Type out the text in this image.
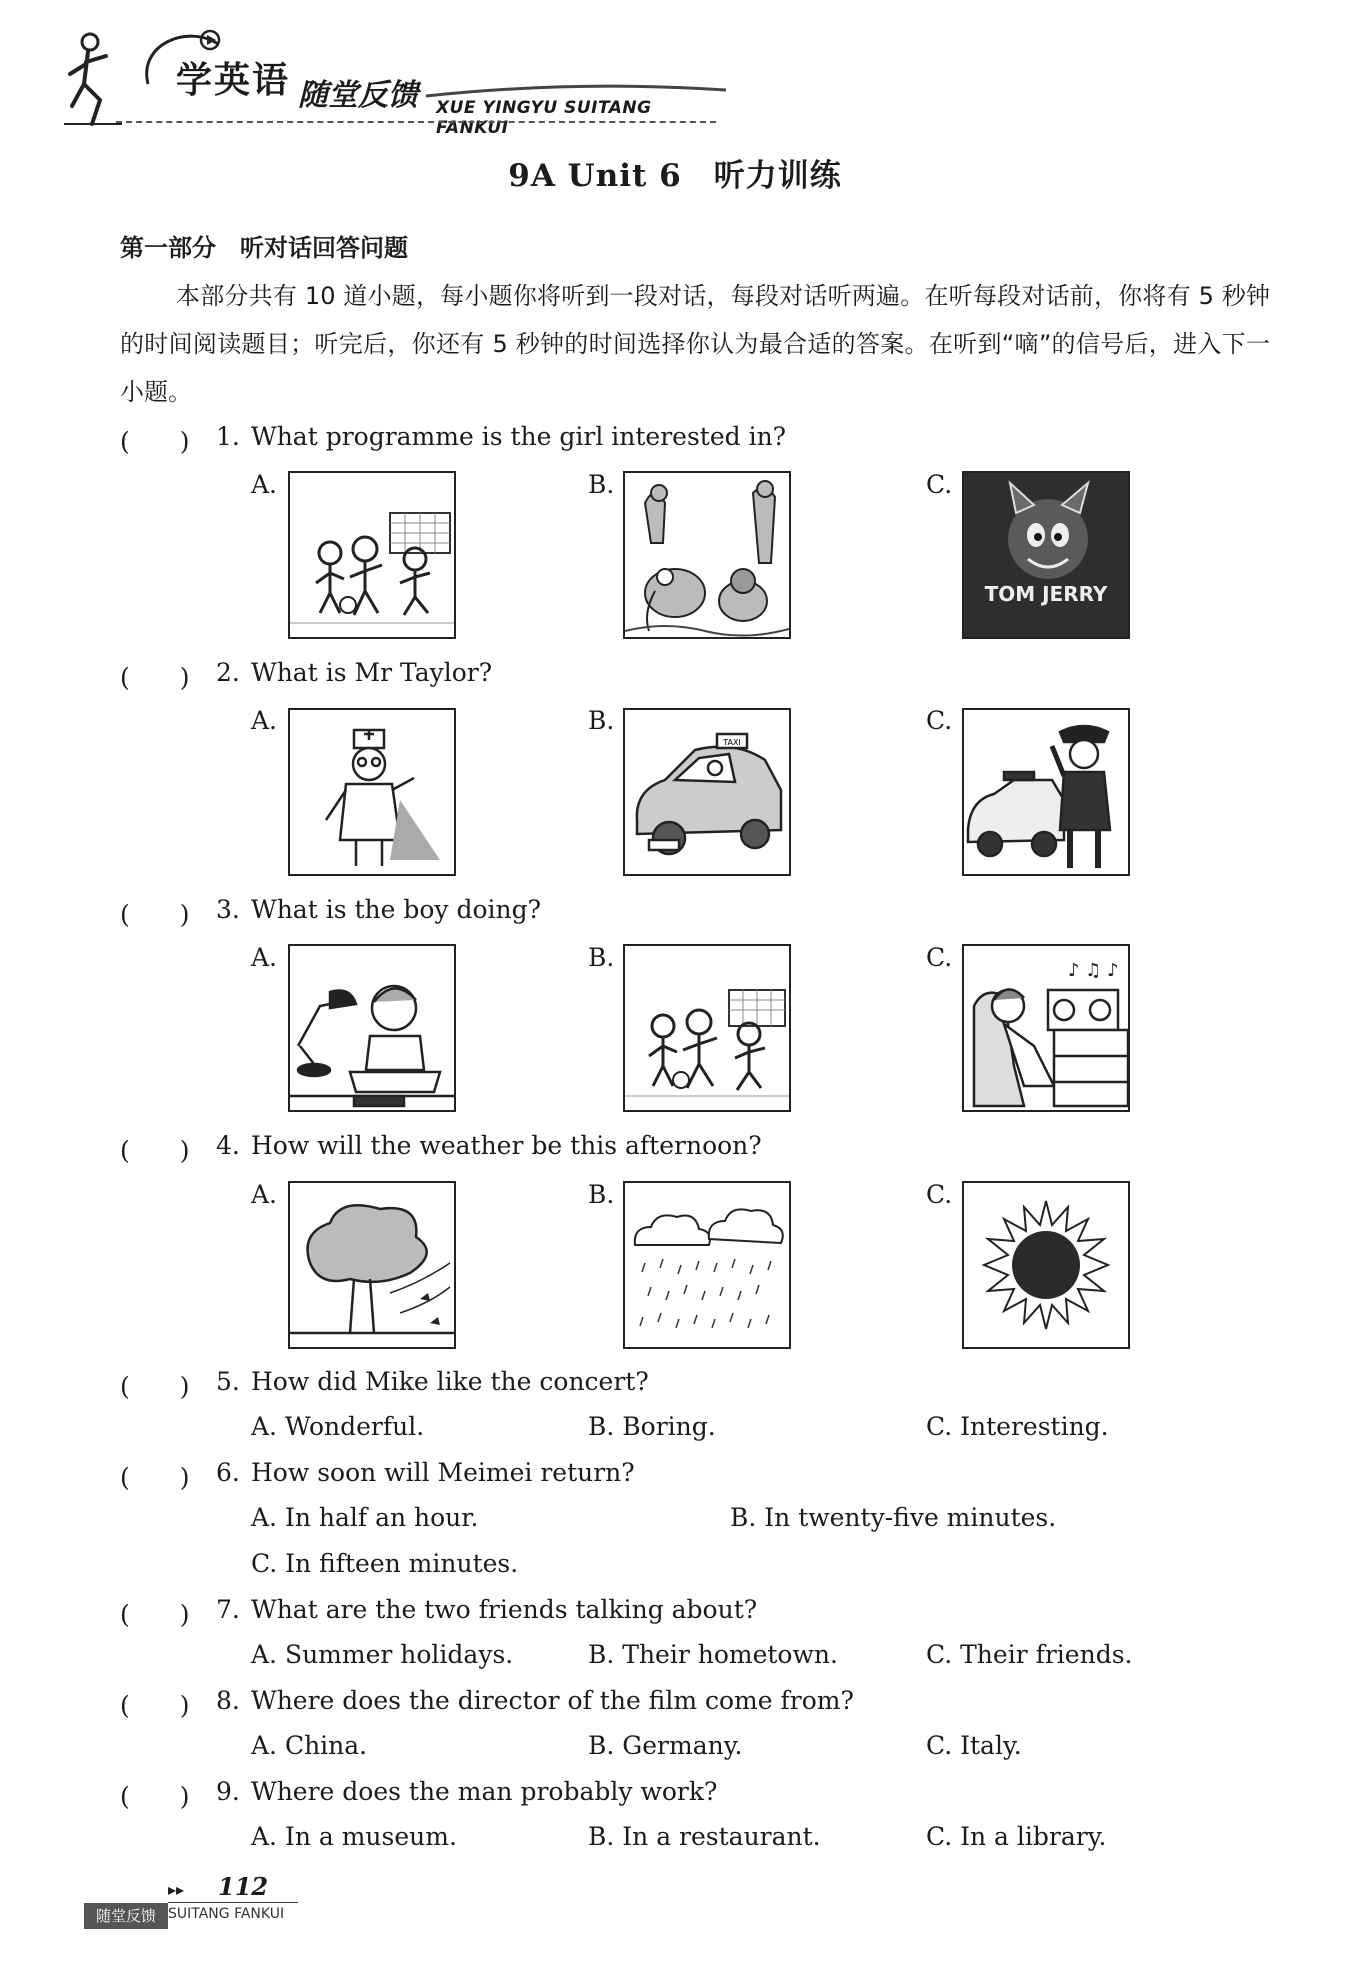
学英语 随堂反馈 XUE YINGYU SUITANG FANKUI
9A Unit 6　听力训练
第一部分　听对话回答问题
本部分共有 10 道小题，每小题你将听到一段对话，每段对话听两遍。在听每段对话前，你将有 5 秒钟的时间阅读题目；听完后，你还有 5 秒钟的时间选择你认为最合适的答案。在听到“嘀”的信号后，进入下一小题。
(　　) 1. What programme is the girl interested in?
A.	B.	C.
TOM JERRY
(　　) 2. What is Mr Taylor?
A.	B.
TAXI
C.
(　　) 3. What is the boy doing?
A.	B.	C.	♪ ♫ ♪
(　　) 4. How will the weather be this afternoon?
A.	B.	C.
(　　) 5. How did Mike like the concert?
A. Wonderful.	B. Boring.	C. Interesting.
(　　) 6. How soon will Meimei return?
A. In half an hour.	B. In twenty-five minutes.
C. In fifteen minutes.
(　　) 7. What are the two friends talking about?
A. Summer holidays.	B. Their hometown.	C. Their friends.
(　　) 8. Where does the director of the film come from?
A. China.	B. Germany.	C. Italy.
(　　) 9. Where does the man probably work?
A. In a museum.	B. In a restaurant.	C. In a library.
▸▸ 112
随堂反馈 SUITANG FANKUI
